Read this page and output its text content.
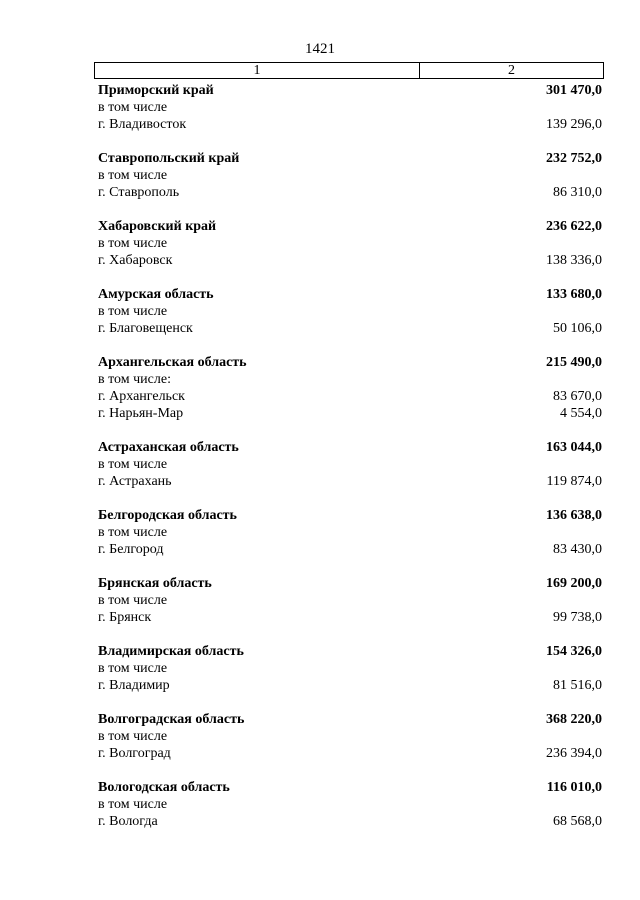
1421
1	2
Приморский край	301 470,0
в том числе
г. Владивосток	139 296,0
Ставропольский край	232 752,0
в том числе
г. Ставрополь	86 310,0
Хабаровский край	236 622,0
в том числе
г. Хабаровск	138 336,0
Амурская область	133 680,0
в том числе
г. Благовещенск	50 106,0
Архангельская область	215 490,0
в том числе:
г. Архангельск	83 670,0
г. Нарьян-Мар	4 554,0
Астраханская область	163 044,0
в том числе
г. Астрахань	119 874,0
Белгородская область	136 638,0
в том числе
г. Белгород	83 430,0
Брянская область	169 200,0
в том числе
г. Брянск	99 738,0
Владимирская область	154 326,0
в том числе
г. Владимир	81 516,0
Волгоградская область	368 220,0
в том числе
г. Волгоград	236 394,0
Вологодская область	116 010,0
в том числе
г. Вологда	68 568,0
